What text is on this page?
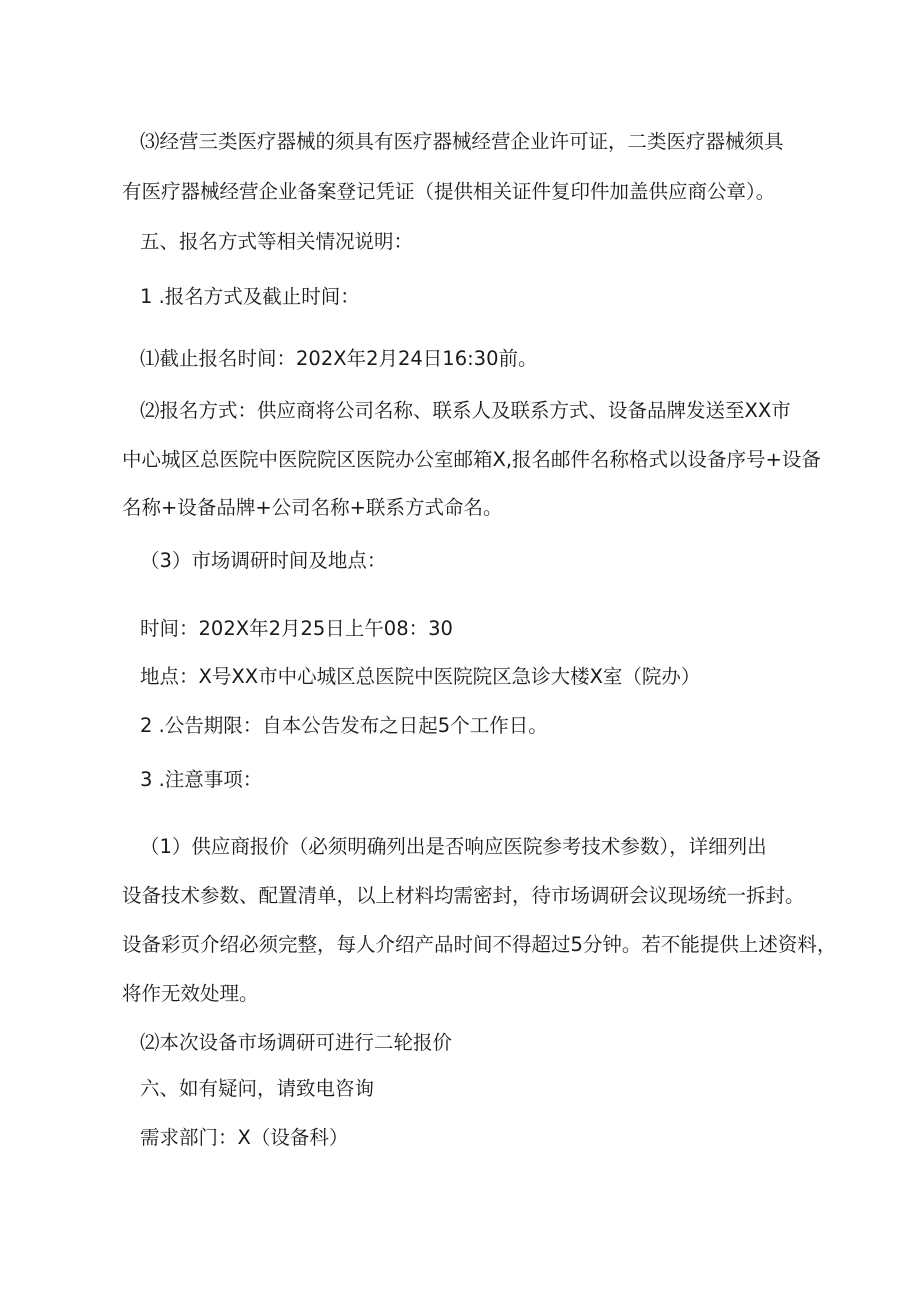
⑶经营三类医疗器械的须具有医疗器械经营企业许可证，二类医疗器械须具
有医疗器械经营企业备案登记凭证（提供相关证件复印件加盖供应商公章）。
五、报名方式等相关情况说明：
1 .报名方式及截止时间：
⑴截止报名时间：202X年2月24日16:30前。
⑵报名方式：供应商将公司名称、联系人及联系方式、设备品牌发送至XX市
中心城区总医院中医院院区医院办公室邮箱X,报名邮件名称格式以设备序号+设备
名称+设备品牌+公司名称+联系方式命名。
（3）市场调研时间及地点：
时间：202X年2月25日上午08：30
地点：X号XX市中心城区总医院中医院院区急诊大楼X室（院办）
2 .公告期限：自本公告发布之日起5个工作日。
3 .注意事项：
（1）供应商报价（必须明确列出是否响应医院参考技术参数），详细列出
设备技术参数、配置清单，以上材料均需密封，待市场调研会议现场统一拆封。
设备彩页介绍必须完整，每人介绍产品时间不得超过5分钟。若不能提供上述资料，
将作无效处理。
⑵本次设备市场调研可进行二轮报价
六、如有疑问，请致电咨询
需求部门：X（设备科）
